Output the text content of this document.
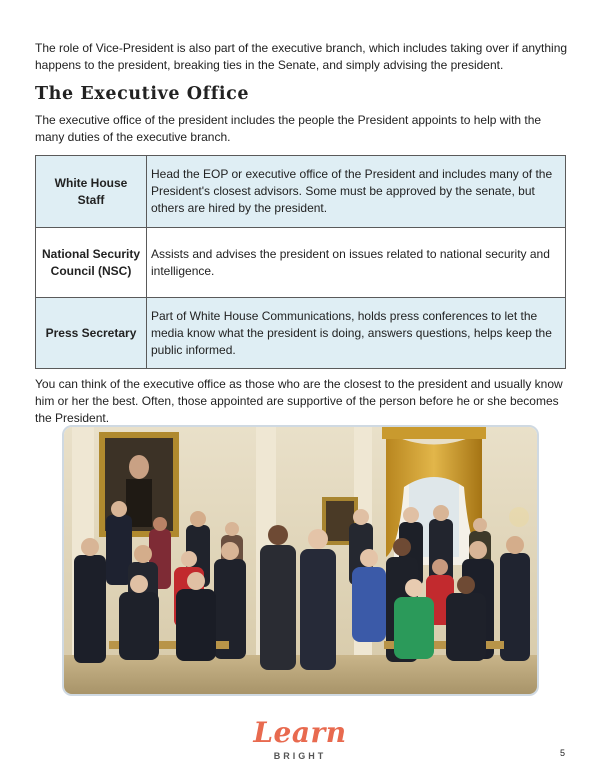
The role of Vice-President is also part of the executive branch, which includes taking over if anything happens to the president, breaking ties in the Senate, and simply advising the president.

The Executive Office

The executive office of the president includes the people the President appoints to help with the many duties of the executive branch.

White House Staff	Head the EOP or executive office of the President and includes many of the President's closest advisors. Some must be approved by the senate, but others are hired by the president.
National Security Council (NSC)	Assists and advises the president on issues related to national security and intelligence.
Press Secretary	Part of White House Communications, holds press conferences to let the media know what the president is doing, answers questions, helps keep the public informed.

You can think of the executive office as those who are the closest to the president and usually know him or her the best. Often, those appointed are supportive of the person before he or she becomes the President.

Learn
BRIGHT	5
